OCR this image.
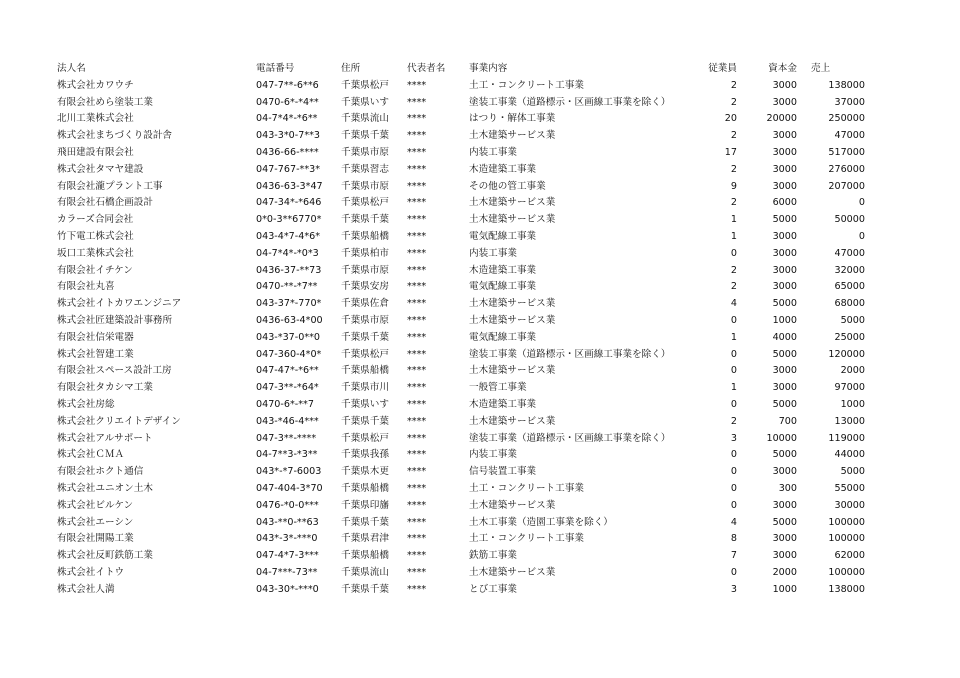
法人名	電話番号	住所	代表者名	事業内容	従業員	資本金	売上
株式会社カワウチ	047-7**-6**6	千葉県松戸	****	土工・コンクリート工事業	2	3000	138000
有限会社めら塗装工業	0470-6*-*4**	千葉県いす	****	塗装工事業（道路標示・区画線工事業を除く）	2	3000	37000
北川工業株式会社	04-7*4*-*6**	千葉県流山	****	はつり・解体工事業	20	20000	250000
株式会社まちづくり設計舎	043-3*0-7**3	千葉県千葉	****	土木建築サービス業	2	3000	47000
飛田建設有限会社	0436-66-****	千葉県市原	****	内装工事業	17	3000	517000
株式会社タマヤ建設	047-767-**3*	千葉県習志	****	木造建築工事業	2	3000	276000
有限会社瀧プラント工事	0436-63-3*47	千葉県市原	****	その他の管工事業	9	3000	207000
有限会社石橋企画設計	047-34*-*646	千葉県松戸	****	土木建築サービス業	2	6000	0
カラーズ合同会社	0*0-3**6770*	千葉県千葉	****	土木建築サービス業	1	5000	50000
竹下電工株式会社	043-4*7-4*6*	千葉県船橋	****	電気配線工事業	1	3000	0
坂口工業株式会社	04-7*4*-*0*3	千葉県柏市	****	内装工事業	0	3000	47000
有限会社イチケン	0436-37-**73	千葉県市原	****	木造建築工事業	2	3000	32000
有限会社丸喜	0470-**-*7**	千葉県安房	****	電気配線工事業	2	3000	65000
株式会社イトカワエンジニア	043-37*-770*	千葉県佐倉	****	土木建築サービス業	4	5000	68000
株式会社匠建築設計事務所	0436-63-4*00	千葉県市原	****	土木建築サービス業	0	1000	5000
有限会社信栄電器	043-*37-0**0	千葉県千葉	****	電気配線工事業	1	4000	25000
株式会社智建工業	047-360-4*0*	千葉県松戸	****	塗装工事業（道路標示・区画線工事業を除く）	0	5000	120000
有限会社スペース設計工房	047-47*-*6**	千葉県船橋	****	土木建築サービス業	0	3000	2000
有限会社タカシマ工業	047-3**-*64*	千葉県市川	****	一般管工事業	1	3000	97000
株式会社房総	0470-6*-**7	千葉県いす	****	木造建築工事業	0	5000	1000
株式会社クリエイトデザイン	043-*46-4***	千葉県千葉	****	土木建築サービス業	2	700	13000
株式会社アルサポート	047-3**-****	千葉県松戸	****	塗装工事業（道路標示・区画線工事業を除く）	3	10000	119000
株式会社ＣＭＡ	04-7**3-*3**	千葉県我孫	****	内装工事業	0	5000	44000
有限会社ホクト通信	043*-*7-6003	千葉県木更	****	信号装置工事業	0	3000	5000
株式会社ユニオン土木	047-404-3*70	千葉県船橋	****	土工・コンクリート工事業	0	300	55000
株式会社ビルケン	0476-*0-0***	千葉県印旛	****	土木建築サービス業	0	3000	30000
株式会社エーシン	043-**0-**63	千葉県千葉	****	土木工事業（造園工事業を除く）	4	5000	100000
有限会社開陽工業	043*-3*-***0	千葉県君津	****	土工・コンクリート工事業	8	3000	100000
株式会社反町鉄筋工業	047-4*7-3***	千葉県船橋	****	鉄筋工事業	7	3000	62000
株式会社イトウ	04-7***-73**	千葉県流山	****	土木建築サービス業	0	2000	100000
株式会社人満	043-30*-***0	千葉県千葉	****	とび工事業	3	1000	138000
